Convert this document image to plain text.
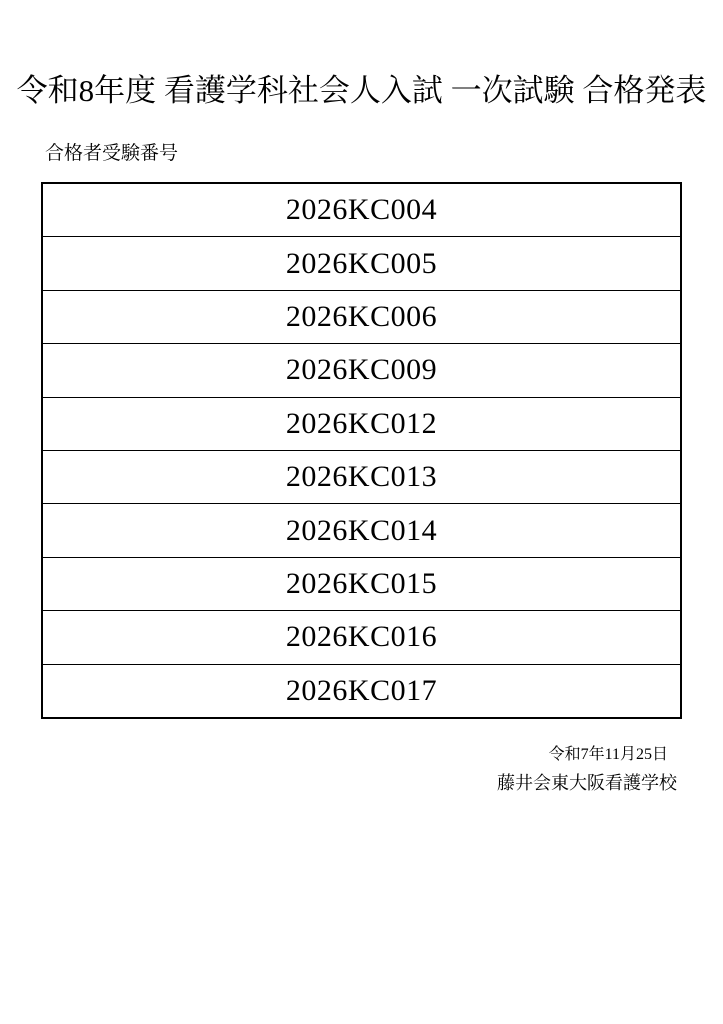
令和8年度 看護学科社会人入試 一次試験 合格発表

合格者受験番号

2026KC004
2026KC005
2026KC006
2026KC009
2026KC012
2026KC013
2026KC014
2026KC015
2026KC016
2026KC017
令和7年11月25日
藤井会東大阪看護学校
